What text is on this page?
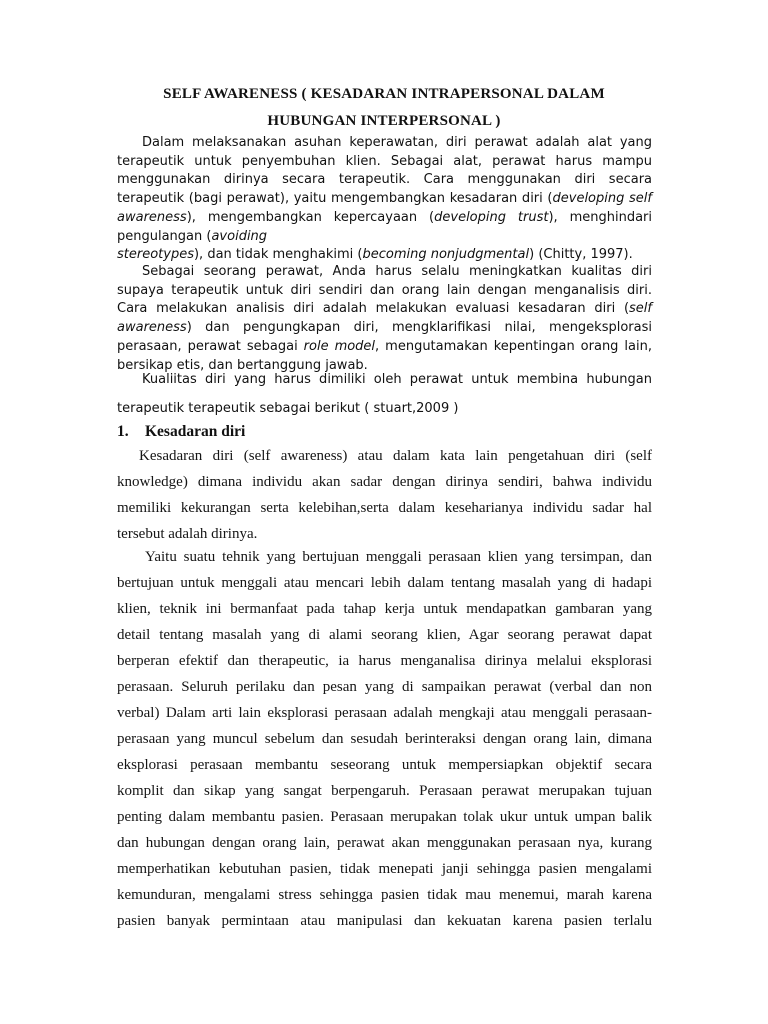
SELF AWARENESS ( KESADARAN INTRAPERSONAL DALAM
HUBUNGAN INTERPERSONAL )

Dalam melaksanakan asuhan keperawatan, diri perawat adalah alat yang terapeutik untuk penyembuhan klien. Sebagai alat, perawat harus mampu menggunakan dirinya secara terapeutik. Cara menggunakan diri secara terapeutik (bagi perawat), yaitu mengembangkan kesadaran diri (developing self awareness), mengembangkan kepercayaan (developing trust), menghindari pengulangan (avoiding
stereotypes), dan tidak menghakimi (becoming nonjudgmental) (Chitty, 1997).

Sebagai seorang perawat, Anda harus selalu meningkatkan kualitas diri supaya terapeutik untuk diri sendiri dan orang lain dengan menganalisis diri. Cara melakukan analisis diri adalah melakukan evaluasi kesadaran diri (self awareness) dan pengungkapan diri, mengklarifikasi nilai, mengeksplorasi perasaan, perawat sebagai role model, mengutamakan kepentingan orang lain, bersikap etis, dan bertanggung jawab.

Kualiitas diri yang harus dimiliki oleh perawat untuk membina hubungan

terapeutik terapeutik sebagai berikut ( stuart,2009 )

1. Kesadaran diri

Kesadaran diri (self awareness) atau dalam kata lain pengetahuan diri (self
knowledge) dimana individu akan sadar dengan dirinya sendiri, bahwa individu
memiliki kekurangan serta kelebihan,serta dalam keseharianya individu sadar hal
tersebut adalah dirinya.
Yaitu suatu tehnik yang bertujuan menggali perasaan klien yang tersimpan, dan
bertujuan untuk menggali atau mencari lebih dalam tentang masalah yang di hadapi
klien, teknik ini bermanfaat pada tahap kerja untuk mendapatkan gambaran yang
detail tentang masalah yang di alami seorang klien, Agar seorang perawat dapat
berperan efektif dan therapeutic, ia harus menganalisa dirinya melalui eksplorasi
perasaan. Seluruh perilaku dan pesan yang di sampaikan perawat (verbal dan non
verbal) Dalam arti lain eksplorasi perasaan adalah mengkaji atau menggali perasaan-
perasaan yang muncul sebelum dan sesudah berinteraksi dengan orang lain, dimana
eksplorasi perasaan membantu seseorang untuk mempersiapkan objektif secara
komplit dan sikap yang sangat berpengaruh. Perasaan perawat merupakan tujuan
penting dalam membantu pasien. Perasaan merupakan tolak ukur untuk umpan balik
dan hubungan dengan orang lain, perawat akan menggunakan perasaan nya, kurang
memperhatikan kebutuhan pasien, tidak menepati janji sehingga pasien mengalami
kemunduran, mengalami stress sehingga pasien tidak mau menemui, marah karena
pasien banyak permintaan atau manipulasi dan kekuatan karena pasien terlalu
